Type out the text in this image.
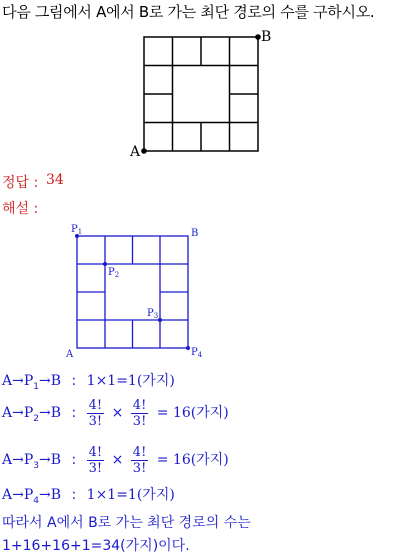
다음 그림에서 A에서 B로 가는 최단 경로의 수를 구하시오.
B
A
정답 : 34
해설 :
$P_1$	B
$P_2$
$P_3$
A	$P_4$
$A\to P_1\to B$ : 1×1=1(가지)
$A\to P_2\to B$ : $\frac{4!}{3!} \times \frac{4!}{3!} = 16$(가지)
$A\to P_3\to B$ : $\frac{4!}{3!} \times \frac{4!}{3!} = 16$(가지)
$A\to P_4\to B$ : 1×1=1(가지)
따라서 A에서 B로 가는 최단 경로의 수는
1+16+16+1=34(가지)이다.
